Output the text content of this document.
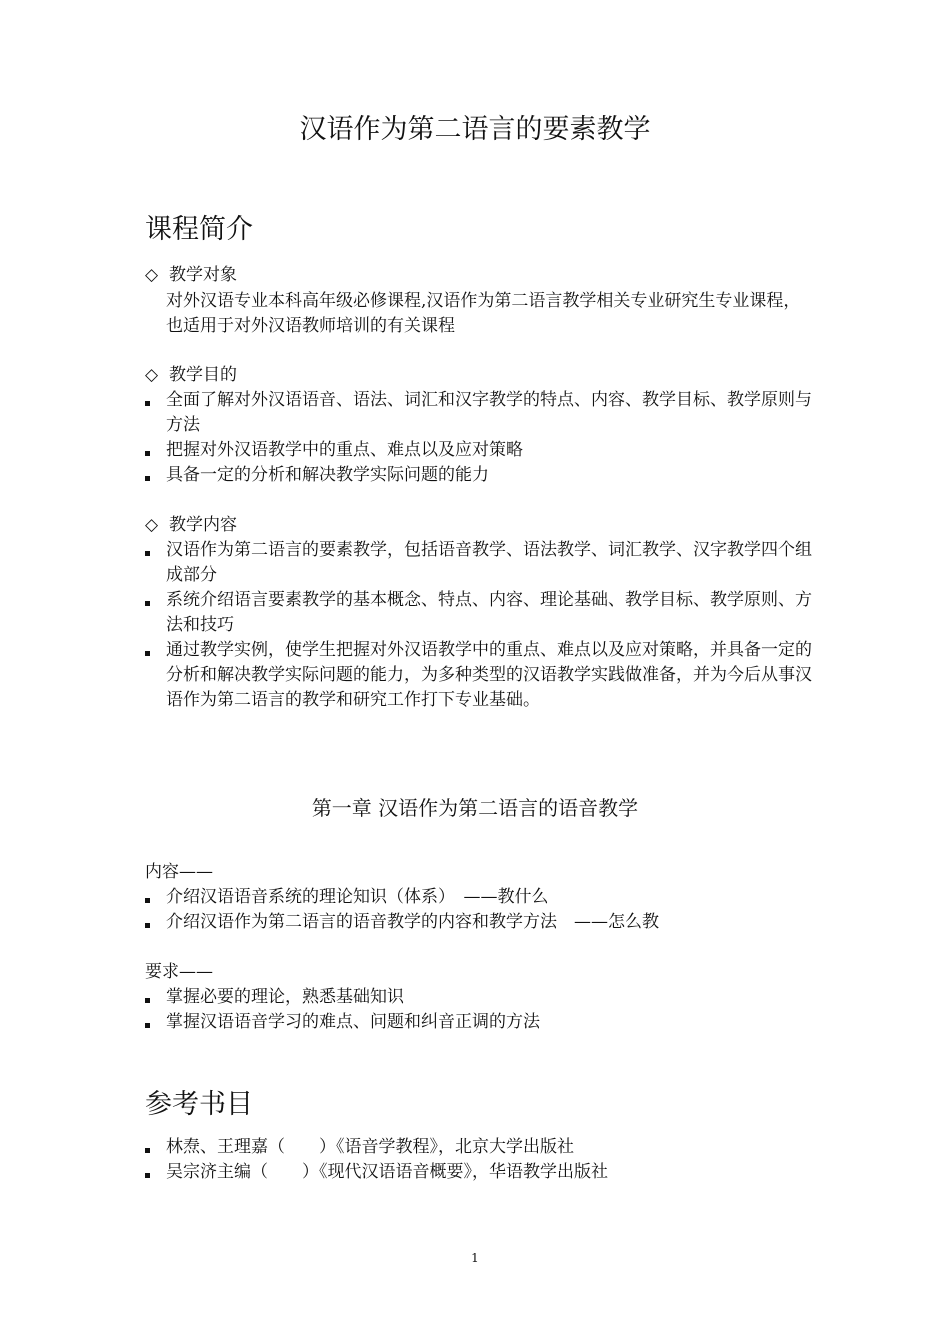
汉语作为第二语言的要素教学
课程简介
◇ 教学对象
对外汉语专业本科高年级必修课程,汉语作为第二语言教学相关专业研究生专业课程，也适用于对外汉语教师培训的有关课程
◇ 教学目的
全面了解对外汉语语音、语法、词汇和汉字教学的特点、内容、教学目标、教学原则与方法
把握对外汉语教学中的重点、难点以及应对策略
具备一定的分析和解决教学实际问题的能力
◇ 教学内容
汉语作为第二语言的要素教学，包括语音教学、语法教学、词汇教学、汉字教学四个组成部分
系统介绍语言要素教学的基本概念、特点、内容、理论基础、教学目标、教学原则、方法和技巧
通过教学实例，使学生把握对外汉语教学中的重点、难点以及应对策略，并具备一定的分析和解决教学实际问题的能力，为多种类型的汉语教学实践做准备，并为今后从事汉语作为第二语言的教学和研究工作打下专业基础。
第一章 汉语作为第二语言的语音教学
内容——
介绍汉语语音系统的理论知识（体系）　——教什么
介绍汉语作为第二语言的语音教学的内容和教学方法　——怎么教
要求——
掌握必要的理论，熟悉基础知识
掌握汉语语音学习的难点、问题和纠音正调的方法
参考书目
林焘、王理嘉（　　）《语音学教程》，北京大学出版社
吴宗济主编（　　）《现代汉语语音概要》，华语教学出版社
1
